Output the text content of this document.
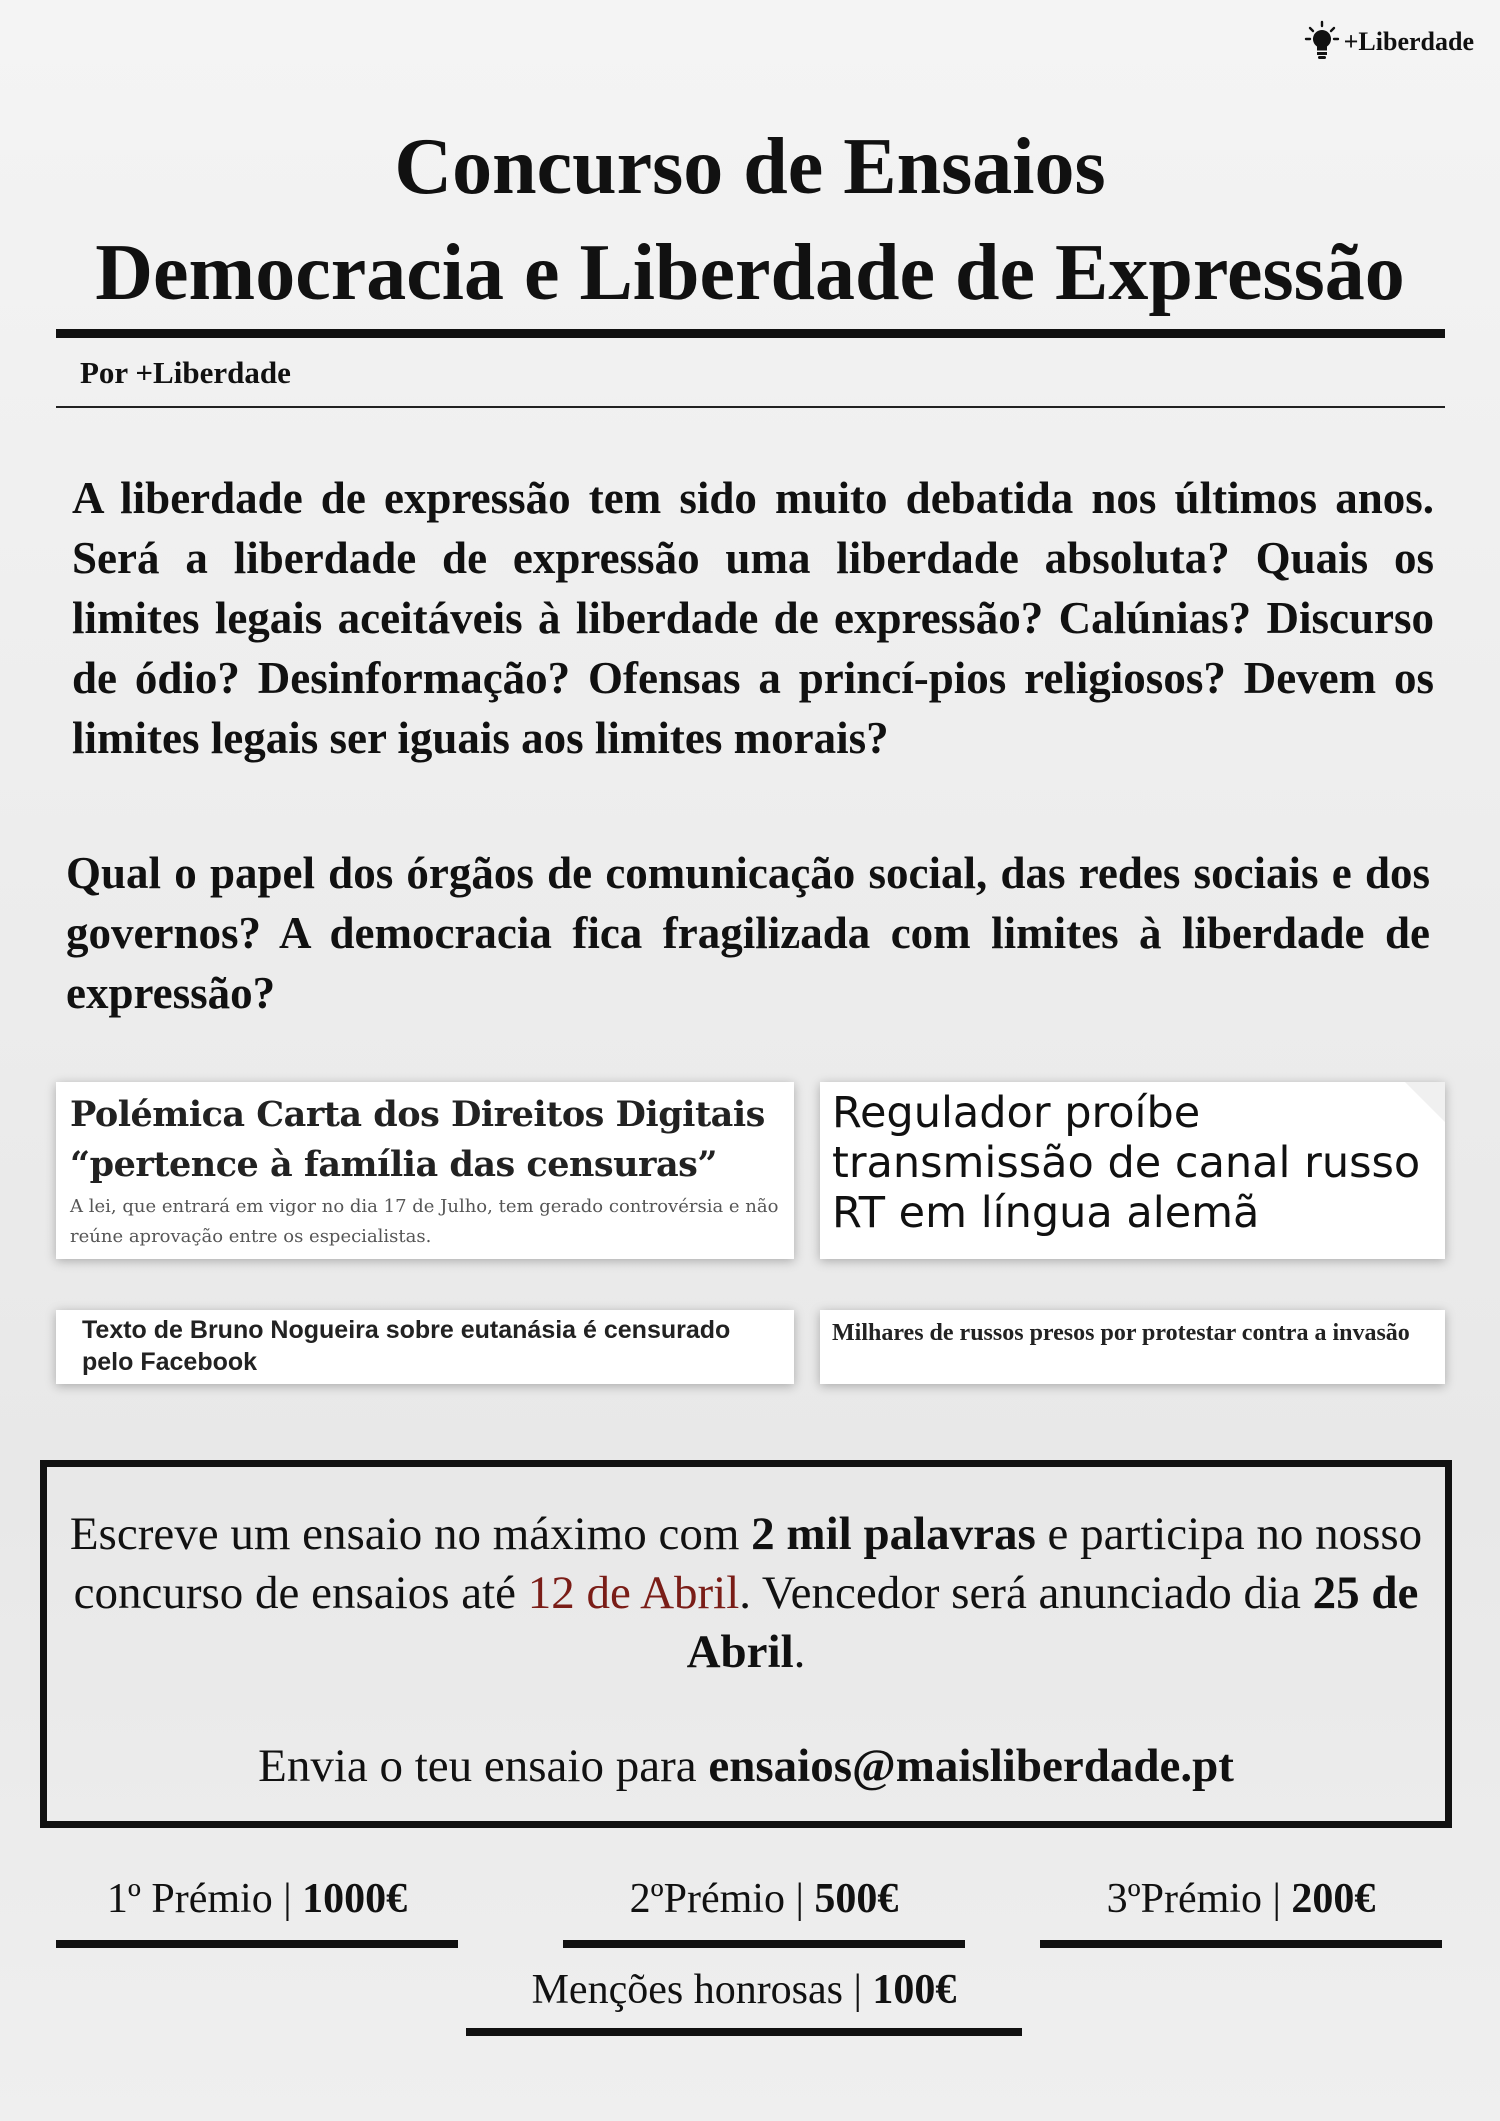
+Liberdade
Concurso de Ensaios
Democracia e Liberdade de Expressão
Por +Liberdade

A liberdade de expressão tem sido muito debatida nos últimos anos. Será a liberdade de expressão uma liberdade absoluta? Quais os limites legais aceitáveis à liberdade de expressão? Calúnias? Discurso de ódio? Desinformação? Ofensas a princí-pios religiosos? Devem os limites legais ser iguais aos limites morais?

Qual o papel dos órgãos de comunicação social, das redes sociais e dos governos? A democracia fica fragilizada com limites à liberdade de expressão?

Polémica Carta dos Direitos Digitais
“pertence à família das censuras”
A lei, que entrará em vigor no dia 17 de Julho, tem gerado controvérsia e não reúne aprovação entre os especialistas.
Regulador proíbe transmissão de canal russo RT em língua alemã
Texto de Bruno Nogueira sobre eutanásia é censurado pelo Facebook
Milhares de russos presos por protestar contra a invasão
Escreve um ensaio no máximo com 2 mil palavras e participa no nosso concurso de ensaios até 12 de Abril. Vencedor será anunciado dia 25 de Abril.
Envia o teu ensaio para ensaios@maisliberdade.pt
1º Prémio | 1000€	2ºPrémio | 500€	3ºPrémio | 200€
Menções honrosas | 100€
